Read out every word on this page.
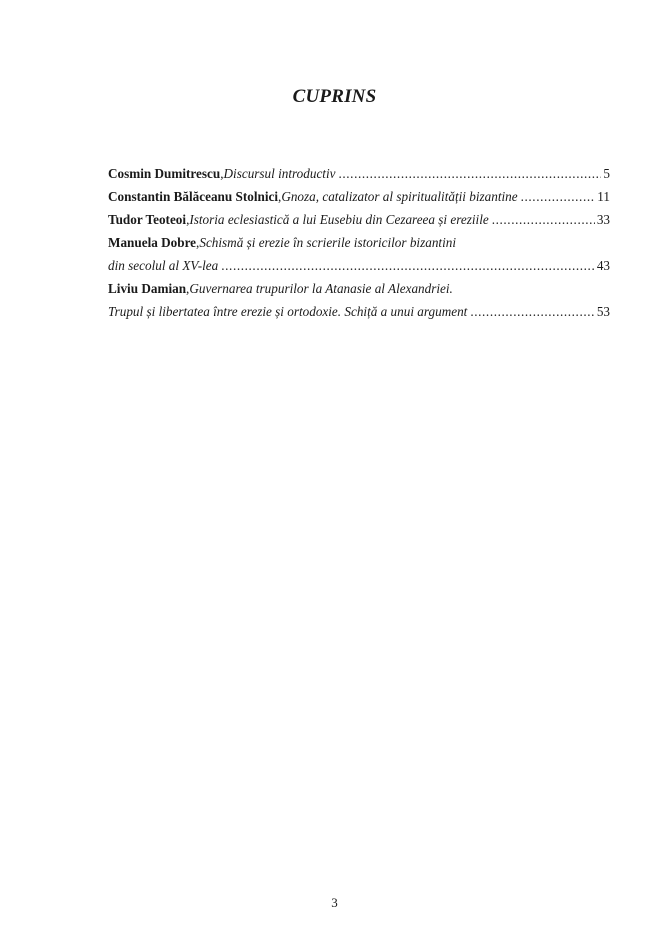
CUPRINS
Cosmin Dumitrescu , Discursul introductiv .....	5
Constantin Bălăceanu Stolnici , Gnoza, catalizator al spiritualității bizantine .....	11
Tudor Teoteoi , Istoria eclesiastică a lui Eusebiu din Cezareea și ereziile .....	33
Manuela Dobre , Schismă și erezie în scrierile istoricilor bizantini
din secolul al XV-lea .....	43
Liviu Damian , Guvernarea trupurilor la Atanasie al Alexandriei.
Trupul și libertatea între erezie și ortodoxie. Schiță a unui argument .....	53
3
